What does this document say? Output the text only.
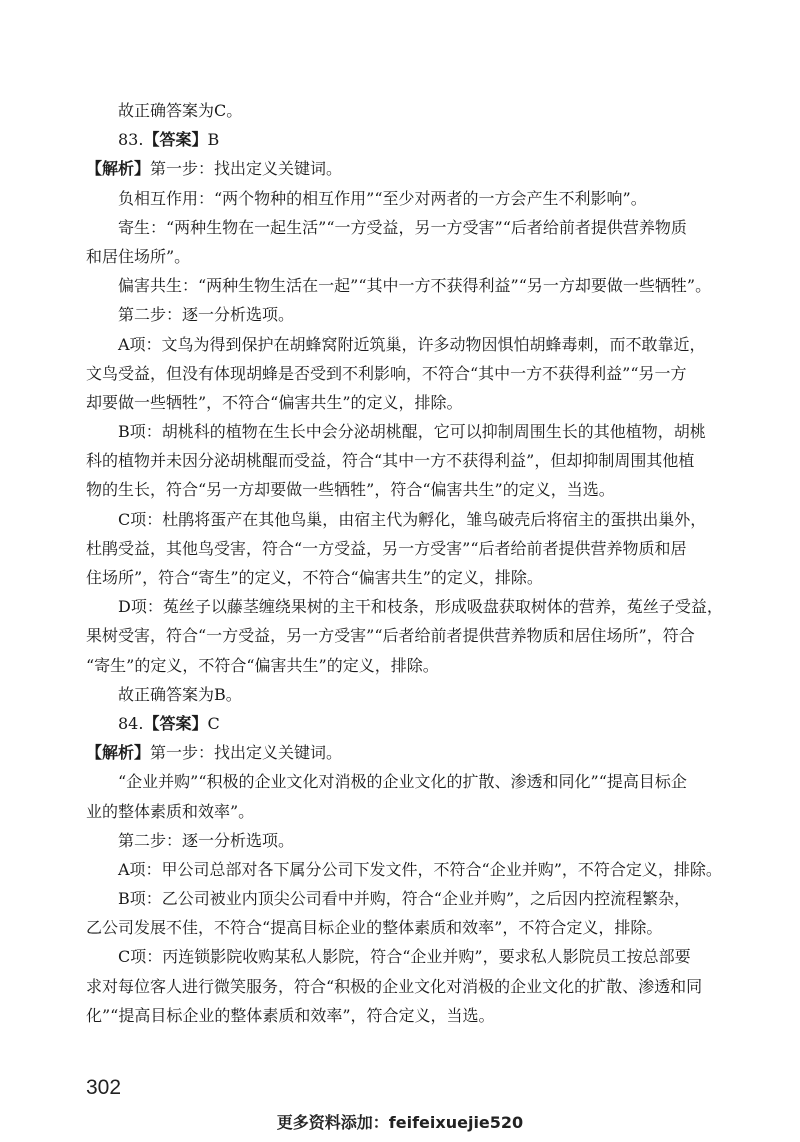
故正确答案为C。
83.【答案】B
【解析】第一步：找出定义关键词。
负相互作用：“两个物种的相互作用”“至少对两者的一方会产生不利影响”。
寄生：“两种生物在一起生活”“一方受益，另一方受害”“后者给前者提供营养物质
和居住场所”。
偏害共生：“两种生物生活在一起”“其中一方不获得利益”“另一方却要做一些牺牲”。
第二步：逐一分析选项。
A项：文鸟为得到保护在胡蜂窝附近筑巢，许多动物因惧怕胡蜂毒刺，而不敢靠近，
文鸟受益，但没有体现胡蜂是否受到不利影响，不符合“其中一方不获得利益”“另一方
却要做一些牺牲”，不符合“偏害共生”的定义，排除。
B项：胡桃科的植物在生长中会分泌胡桃醌，它可以抑制周围生长的其他植物，胡桃
科的植物并未因分泌胡桃醌而受益，符合“其中一方不获得利益”，但却抑制周围其他植
物的生长，符合“另一方却要做一些牺牲”，符合“偏害共生”的定义，当选。
C项：杜鹃将蛋产在其他鸟巢，由宿主代为孵化，雏鸟破壳后将宿主的蛋拱出巢外，
杜鹃受益，其他鸟受害，符合“一方受益，另一方受害”“后者给前者提供营养物质和居
住场所”，符合“寄生”的定义，不符合“偏害共生”的定义，排除。
D项：菟丝子以藤茎缠绕果树的主干和枝条，形成吸盘获取树体的营养，菟丝子受益，
果树受害，符合“一方受益，另一方受害”“后者给前者提供营养物质和居住场所”，符合
“寄生”的定义，不符合“偏害共生”的定义，排除。
故正确答案为B。
84.【答案】C
【解析】第一步：找出定义关键词。
“企业并购”“积极的企业文化对消极的企业文化的扩散、渗透和同化”“提高目标企
业的整体素质和效率”。
第二步：逐一分析选项。
A项：甲公司总部对各下属分公司下发文件，不符合“企业并购”，不符合定义，排除。
B项：乙公司被业内顶尖公司看中并购，符合“企业并购”，之后因内控流程繁杂，
乙公司发展不佳，不符合“提高目标企业的整体素质和效率”，不符合定义，排除。
C项：丙连锁影院收购某私人影院，符合“企业并购”，要求私人影院员工按总部要
求对每位客人进行微笑服务，符合“积极的企业文化对消极的企业文化的扩散、渗透和同
化”“提高目标企业的整体素质和效率”，符合定义，当选。
302
更多资料添加：feifeixuejie520
